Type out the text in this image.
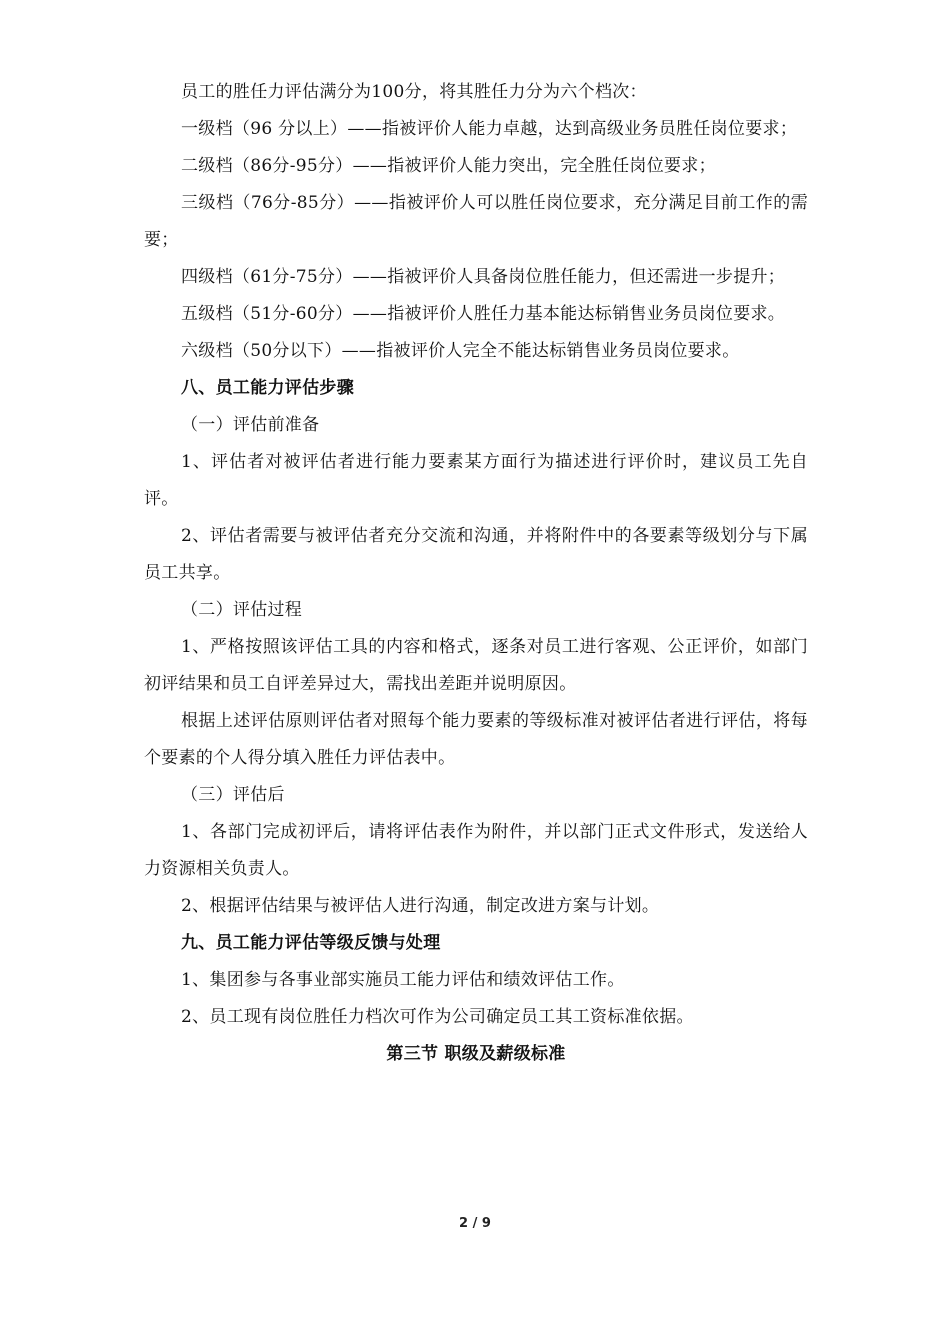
员工的胜任力评估满分为100分，将其胜任力分为六个档次：

一级档（96 分以上）——指被评价人能力卓越，达到高级业务员胜任岗位要求；

二级档（86分-95分）——指被评价人能力突出，完全胜任岗位要求；

三级档（76分-85分）——指被评价人可以胜任岗位要求，充分满足目前工作的需要；

四级档（61分-75分）——指被评价人具备岗位胜任能力，但还需进一步提升；

五级档（51分-60分）——指被评价人胜任力基本能达标销售业务员岗位要求。

六级档（50分以下）——指被评价人完全不能达标销售业务员岗位要求。

八、员工能力评估步骤

（一）评估前准备

1、评估者对被评估者进行能力要素某方面行为描述进行评价时，建议员工先自评。

2、评估者需要与被评估者充分交流和沟通，并将附件中的各要素等级划分与下属员工共享。

（二）评估过程

1、严格按照该评估工具的内容和格式，逐条对员工进行客观、公正评价，如部门初评结果和员工自评差异过大，需找出差距并说明原因。

根据上述评估原则评估者对照每个能力要素的等级标准对被评估者进行评估，将每个要素的个人得分填入胜任力评估表中。

（三）评估后

1、各部门完成初评后，请将评估表作为附件，并以部门正式文件形式，发送给人力资源相关负责人。

2、根据评估结果与被评估人进行沟通，制定改进方案与计划。

九、员工能力评估等级反馈与处理

1、集团参与各事业部实施员工能力评估和绩效评估工作。

2、员工现有岗位胜任力档次可作为公司确定员工其工资标准依据。

第三节 职级及薪级标准

2 / 9
